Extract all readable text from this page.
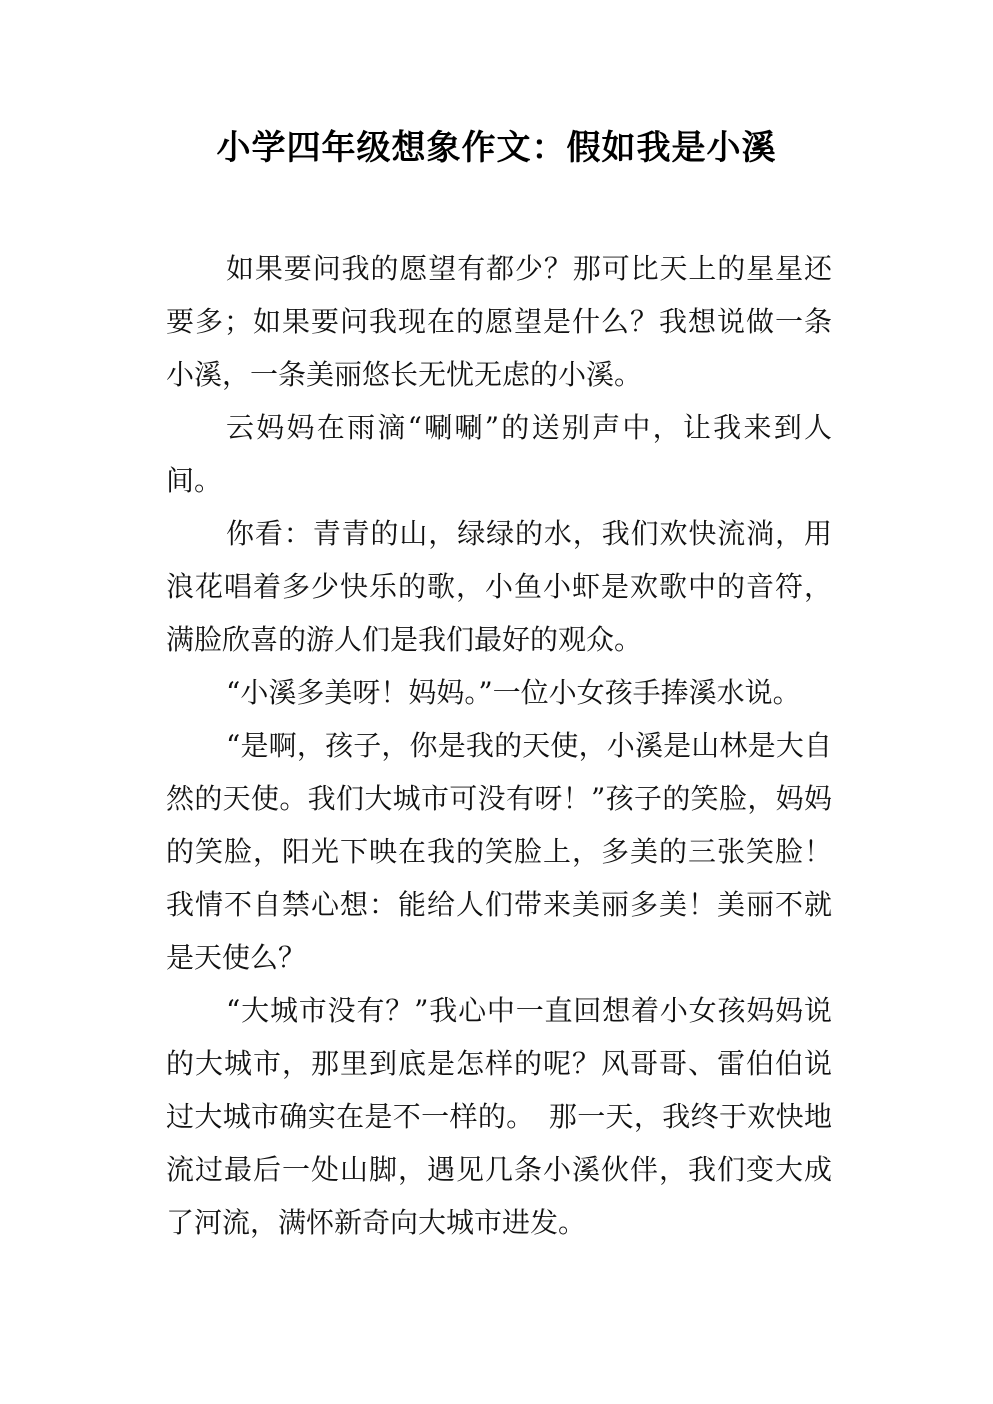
小学四年级想象作文：假如我是小溪

如果要问我的愿望有都少？那可比天上的星星还要多；如果要问我现在的愿望是什么？我想说做一条小溪，一条美丽悠长无忧无虑的小溪。

云妈妈在雨滴“唰唰”的送别声中，让我来到人间。

你看：青青的山，绿绿的水，我们欢快流淌，用浪花唱着多少快乐的歌，小鱼小虾是欢歌中的音符，满脸欣喜的游人们是我们最好的观众。

“小溪多美呀！妈妈。”一位小女孩手捧溪水说。

“是啊，孩子，你是我的天使，小溪是山林是大自然的天使。我们大城市可没有呀！”孩子的笑脸，妈妈的笑脸，阳光下映在我的笑脸上，多美的三张笑脸！我情不自禁心想：能给人们带来美丽多美！美丽不就是天使么？

“大城市没有？”我心中一直回想着小女孩妈妈说的大城市，那里到底是怎样的呢？风哥哥、雷伯伯说过大城市确实在是不一样的。　那一天，我终于欢快地流过最后一处山脚，遇见几条小溪伙伴，我们变大成了河流，满怀新奇向大城市进发。
